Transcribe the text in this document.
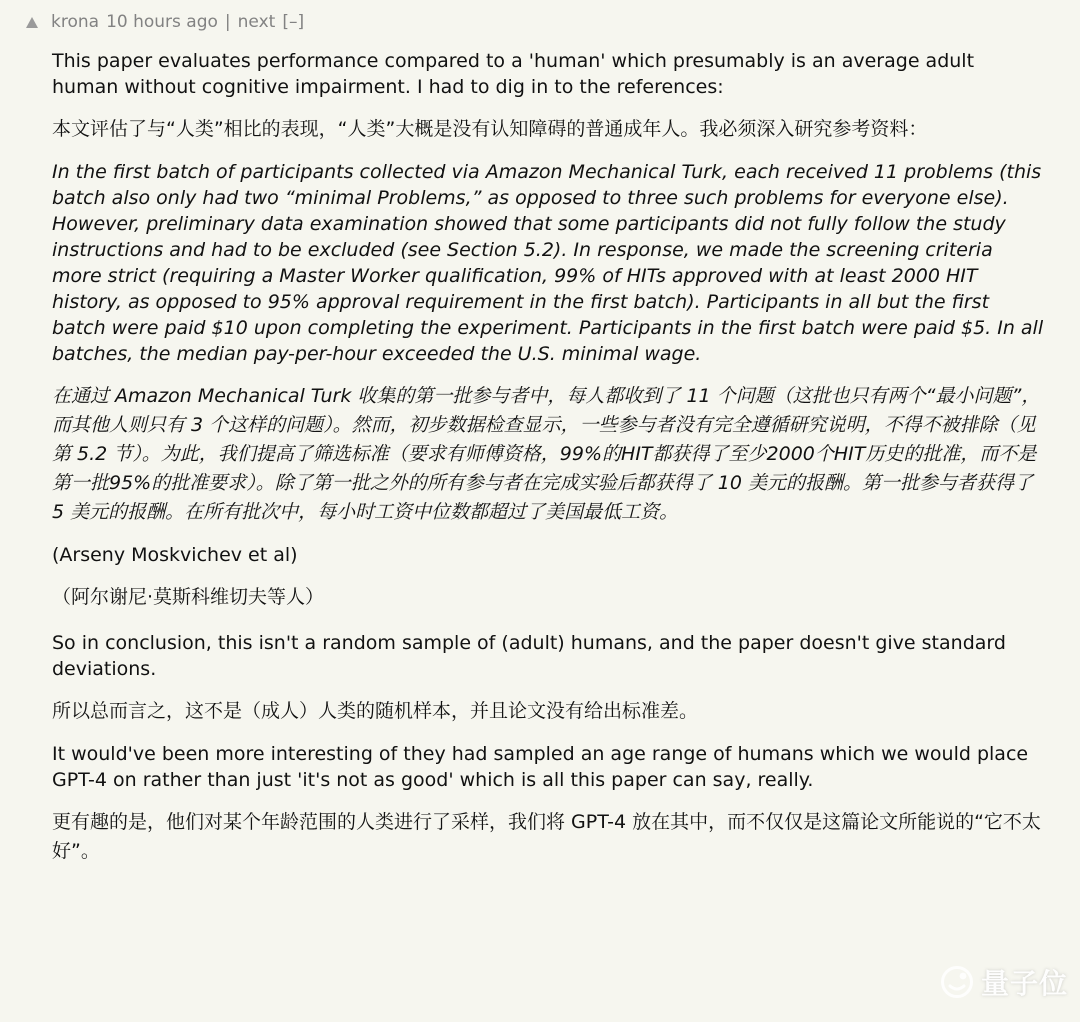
krona 10 hours ago | next [–]

This paper evaluates performance compared to a 'human' which presumably is an average adult human without cognitive impairment. I had to dig in to the references:

本文评估了与“人类”相比的表现，“人类”大概是没有认知障碍的普通成年人。我必须深入研究参考资料：

In the first batch of participants collected via Amazon Mechanical Turk, each received 11 problems (this batch also only had two “minimal Problems,” as opposed to three such problems for everyone else). However, preliminary data examination showed that some participants did not fully follow the study instructions and had to be excluded (see Section 5.2). In response, we made the screening criteria more strict (requiring a Master Worker qualification, 99% of HITs approved with at least 2000 HIT history, as opposed to 95% approval requirement in the first batch). Participants in all but the first batch were paid $10 upon completing the experiment. Participants in the first batch were paid $5. In all batches, the median pay-per-hour exceeded the U.S. minimal wage.

在通过 Amazon Mechanical Turk 收集的第一批参与者中，每人都收到了 11 个问题（这批也只有两个“最小问题”，而其他人则只有 3 个这样的问题）。然而，初步数据检查显示，一些参与者没有完全遵循研究说明，不得不被排除（见第 5.2 节）。为此，我们提高了筛选标准（要求有师傅资格，99%的HIT都获得了至少2000个HIT历史的批准，而不是第一批95%的批准要求）。除了第一批之外的所有参与者在完成实验后都获得了 10 美元的报酬。第一批参与者获得了 5 美元的报酬。在所有批次中，每小时工资中位数都超过了美国最低工资。

(Arseny Moskvichev et al)

（阿尔谢尼·莫斯科维切夫等人）

So in conclusion, this isn't a random sample of (adult) humans, and the paper doesn't give standard deviations.

所以总而言之，这不是（成人）人类的随机样本，并且论文没有给出标准差。

It would've been more interesting of they had sampled an age range of humans which we would place GPT-4 on rather than just 'it's not as good' which is all this paper can say, really.

更有趣的是，他们对某个年龄范围的人类进行了采样，我们将 GPT-4 放在其中，而不仅仅是这篇论文所能说的“它不太好”。

量子位
